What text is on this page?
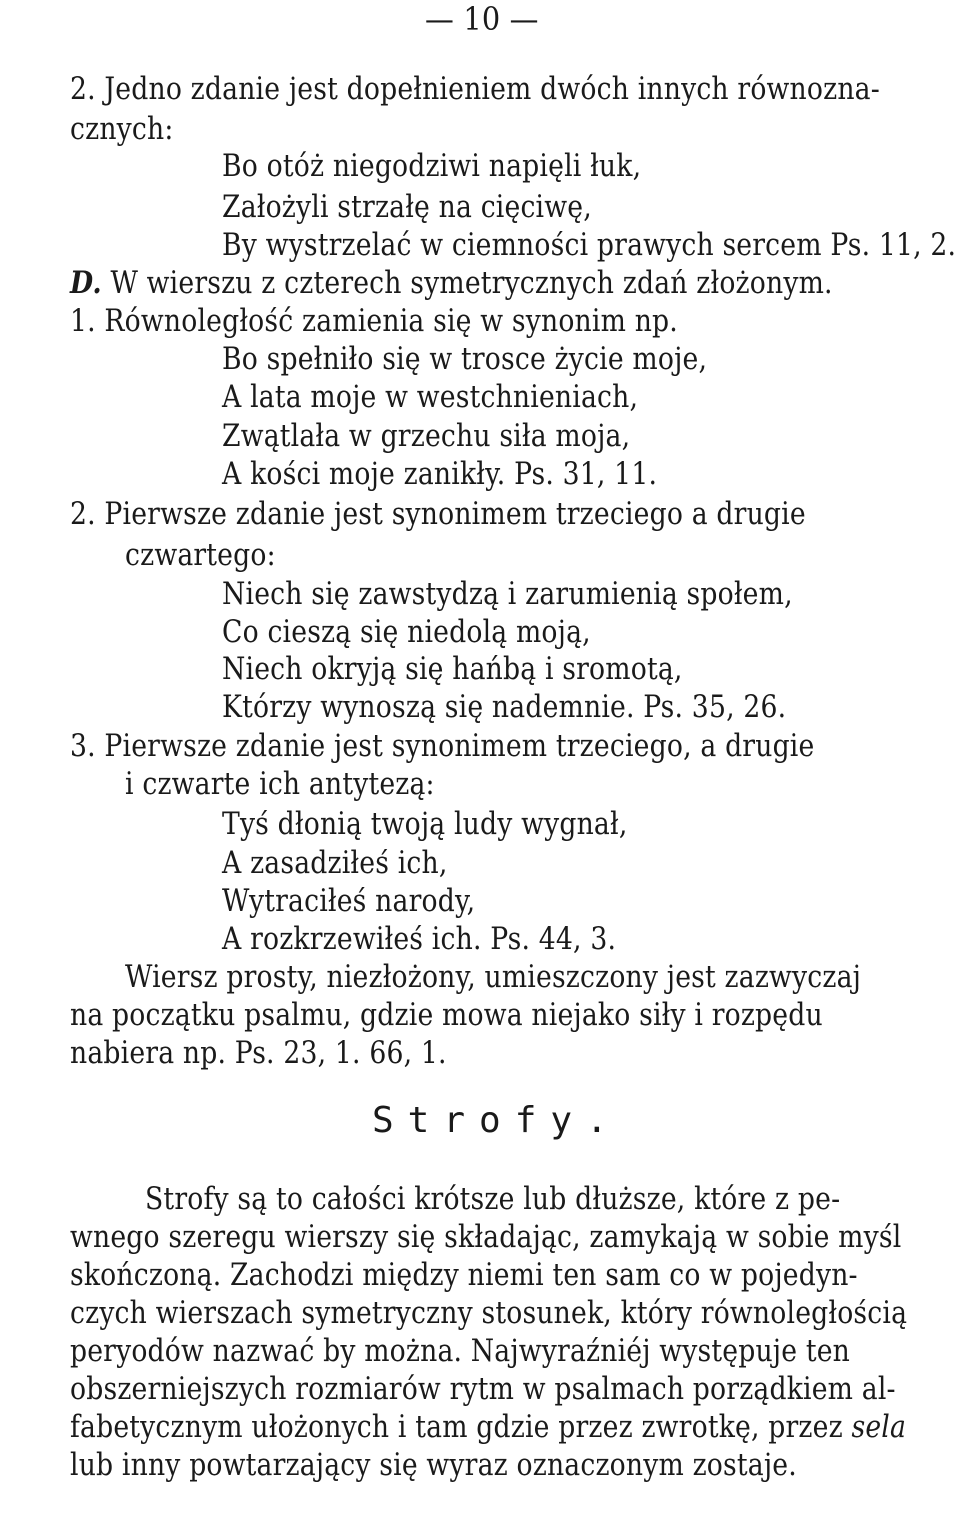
— 10 —
2. Jedno zdanie jest dopełnieniem dwóch innych równozna-
cznych:
Bo otóż niegodziwi napięli łuk,
Założyli strzałę na cięciwę,
By wystrzelać w ciemności prawych sercem Ps. 11, 2.
D. W wierszu z czterech symetrycznych zdań złożonym.
1. Równoległość zamienia się w synonim np.
Bo spełniło się w trosce życie moje,
A lata moje w westchnieniach,
Zwątlała w grzechu siła moja,
A kości moje zanikły. Ps. 31, 11.
2. Pierwsze zdanie jest synonimem trzeciego a drugie
czwartego:
Niech się zawstydzą i zarumienią społem,
Co cieszą się niedolą moją,
Niech okryją się hańbą i sromotą,
Którzy wynoszą się nademnie. Ps. 35, 26.
3. Pierwsze zdanie jest synonimem trzeciego, a drugie
i czwarte ich antytezą:
Tyś dłonią twoją ludy wygnał,
A zasadziłeś ich,
Wytraciłeś narody,
A rozkrzewiłeś ich. Ps. 44, 3.
Wiersz prosty, niezłożony, umieszczony jest zazwyczaj
na początku psalmu, gdzie mowa niejako siły i rozpędu
nabiera np. Ps. 23, 1. 66, 1.
Strofy.
Strofy są to całości krótsze lub dłuższe, które z pe-
wnego szeregu wierszy się składając, zamykają w sobie myśl
skończoną. Zachodzi między niemi ten sam co w pojedyn-
czych wierszach symetryczny stosunek, który równoległością
peryodów nazwać by można. Najwyraźniéj występuje ten
obszerniejszych rozmiarów rytm w psalmach porządkiem al-
fabetycznym ułożonych i tam gdzie przez zwrotkę, przez sela
lub inny powtarzający się wyraz oznaczonym zostaje.
